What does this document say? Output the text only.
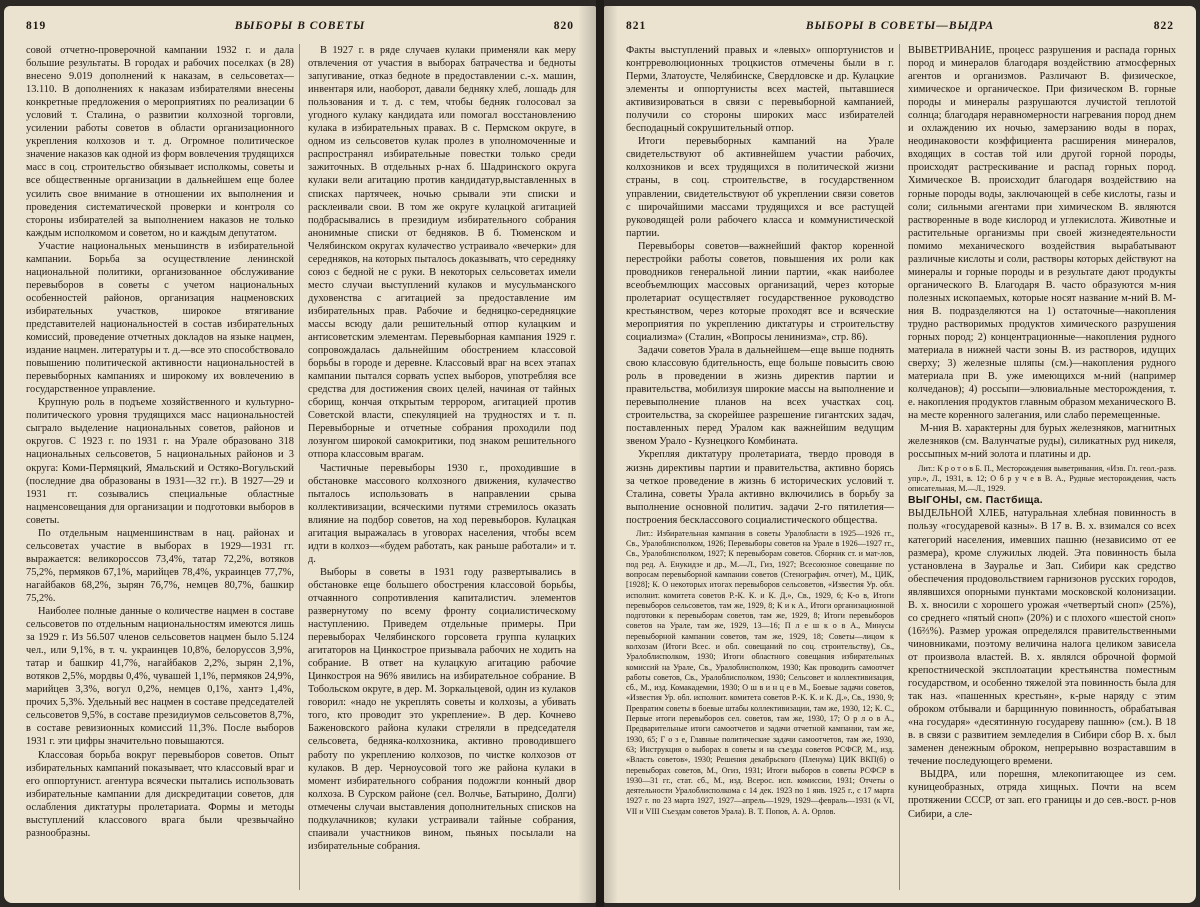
819	ВЫБОРЫ В СОВЕТЫ	820

совой отчетно-проверочной кампании 1932 г. и дала большие результаты. В городах и рабочих поселках (в 28) внесено 9.019 дополнений к наказам, в сельсоветах—13.110. В дополнениях к наказам избирателями внесены конкретные предложения о мероприятиях по реализации 6 условий т. Сталина, о развитии колхозной торговли, усилении работы советов в области организационного укрепления колхозов и т. д. Огромное политическое значение наказов как одной из форм вовлечения трудящихся масс в соц. строительство обязывает исполкомы, советы и все общественные организации в дальнейшем еще более усилить свое внимание в отношении их выполнения и проведения систематической проверки и контроля со стороны избирателей за выполнением наказов не только каждым исполкомом и советом, но и каждым депутатом.

Участие национальных меньшинств в избирательной кампании. Борьба за осуществление ленинской национальной политики, организованное обслуживание перевыборов в советы с учетом национальных особенностей районов, организация нацменовских избирательных участков, широкое втягивание представителей национальностей в состав избирательных комиссий, проведение отчетных докладов на языке нацмен, издание нацмен. литературы и т. д.—все это способствовало повышению политической активности национальностей в перевыборных кампаниях и широкому их вовлечению в государственное управление.

Крупную роль в подъеме хозяйственного и культурно-политического уровня трудящихся масс национальностей сыграло выделение национальных советов, районов и округов. С 1923 г. по 1931 г. на Урале образовано 318 национальных сельсоветов, 5 национальных районов и 3 округа: Коми-Пермяцкий, Ямальский и Остяко-Вогульский (последние два образованы в 1931—32 гг.). В 1927—29 и 1931 гг. созывались специальные областные нацменсовещания для организации и подготовки выборов в советы.

По отдельным нацменшинствам в нац. районах и сельсоветах участие в выборах в 1929—1931 гг. выражается: великороссов 73,4%, татар 72,2%, вотяков 75,2%, пермяков 67,1%, марийцев 78,4%, украинцев 77,7%, нагайбаков 68,2%, зырян 76,7%, немцев 80,7%, башкир 75,2%.

Наиболее полные данные о количестве нацмен в составе сельсоветов по отдельным национальностям имеются лишь за 1929 г. Из 56.507 членов сельсоветов нацмен было 5.124 чел., или 9,1%, в т. ч. украинцев 10,8%, белоруссов 3,9%, татар и башкир 41,7%, нагайбаков 2,2%, зырян 2,1%, вотяков 2,5%, мордвы 0,4%, чувашей 1,1%, пермяков 24,9%, марийцев 3,3%, вогул 0,2%, немцев 0,1%, хантэ 1,4%, прочих 5,3%. Удельный вес нацмен в составе председателей сельсоветов 9,5%, в составе президиумов сельсоветов 8,7%, в составе ревизионных комиссий 11,3%. После выборов 1931 г. эти цифры значительно повышаются.

Классовая борьба вокруг перевыборов советов. Опыт избирательных кампаний показывает, что классовый враг и его оппортунист. агентура всячески пытались использовать избирательные кампании для дискредитации советов, для ослабления диктатуры пролетариата. Формы и методы выступлений классового врага были чрезвычайно разнообразны.

В 1927 г. в ряде случаев кулаки применяли как меру отвлечения от участия в выборах батрачества и бедноты запугивание, отказ беднote в предоставлении с.-х. машин, инвентаря или, наоборот, давали бедняку хлеб, лошадь для пользования и т. д. с тем, чтобы бедняк голосовал за угодного кулаку кандидата или помогал восстановлению кулака в избирательных правах. В с. Пермском округе, в одном из сельсоветов кулак пролез в уполномоченные и распространял избирательные повестки только среди зажиточных. В отдельных р-нах б. Шадринского округа кулаки вели агитацию против кандидатур,выставленных в списках партячеек, ночью срывали эти списки и расклеивали свои. В том же округе кулацкой агитацией подбрасывались в президиум избирательного собрания анонимные списки от бедняков. В б. Тюменском и Челябинском округах кулачество устраивало «вечерки» для середняков, на которых пыталось доказывать, что середняку союз с бедной не с руки. В некоторых сельсоветах имели место случаи выступлений кулаков и мусульманского духовенства с агитацией за предоставление им избирательных прав. Рабочие и бедняцко-середняцкие массы всюду дали решительный отпор кулацким и антисоветским элементам. Перевыборная кампания 1929 г. сопровождалась дальнейшим обострением классовой борьбы в городе и деревне. Классовый враг на всех этапах кампании пытался сорвать успех выборов, употребляя все средства для достижения своих целей, начиная от тайных сборищ, кончая открытым террором, агитацией против Советской власти, спекуляцией на трудностях и т. п. Перевыборные и отчетные собрания проходили под лозунгом широкой самокритики, под знаком решительного отпора классовым врагам.

Частичные перевыборы 1930 г., проходившие в обстановке массового колхозного движения, кулачество пыталось использовать в направлении срыва коллективизации, всяческими путями стремилось оказать влияние на подбор советов, на ход перевыборов. Кулацкая агитация выражалась в уговорах населения, чтобы всем идти в колхоз—«будем работать, как раньше работали» и т. д.

Выборы в советы в 1931 году развертывались в обстановке еще большего обострения классовой борьбы, отчаянного сопротивления капиталистич. элементов развернутому по всему фронту социалистическому наступлению. Приведем отдельные примеры. При перевыборах Челябинского горсовета группа кулацких агитаторов на Цинкострое призывала рабочих не ходить на собрание. В ответ на кулацкую агитацию рабочие Цинкостроя на 96% явились на избирательное собрание. В Тобольском округе, в дер. М. Зоркальцевой, один из кулаков говорил: «надо не укреплять советы и колхозы, а убивать того, кто проводит это укрепление». В дер. Кочнево Баженовского района кулаки стреляли в председателя сельсовета, бедняка-колхозника, активно проводившего работу по укреплению колхозов, по чистке колхозов от кулаков. В дер. Черноусовой того же района кулаки в момент избирательного собрания подожгли конный двор колхоза. В Сурском районе (сел. Волчье, Батырино, Долги) отмечены случаи выставления дополнительных списков на подкулачников; кулаки устраивали тайные собрания, спаивали участников вином, пьяных посылали на избирательные собрания.

821	ВЫБОРЫ В СОВЕТЫ—ВЫДРА	822

Факты выступлений правых и «левых» оппортунистов и контрреволюционных троцкистов отмечены были в г. Перми, Златоусте, Челябинске, Свердловске и др. Кулацкие элементы и оппортунисты всех мастей, пытавшиеся активизироваться в связи с перевыборной кампанией, получили со стороны широких масс избирателей бесподацный сокрушительный отпор.

Итоги перевыборных кампаний на Урале свидетельствуют об активнейшем участии рабочих, колхозников и всех трудящихся в политической жизни страны, в соц. строительстве, в государственном управлении, свидетельствуют об укреплении связи советов с широчайшими массами трудящихся и все растущей руководящей роли рабочего класса и коммунистической партии.

Перевыборы советов—важнейший фактор коренной перестройки работы советов, повышения их роли как проводников генеральной линии партии, «как наиболее всеобъемлющих массовых организаций, через которые пролетариат осуществляет государственное руководство крестьянством, через которые проходят все и всяческие мероприятия по укреплению диктатуры и строительству социализма» (Сталин, «Вопросы ленинизма», стр. 86).

Задачи советов Урала в дальнейшем—еще выше поднять свою классовую бдительность, еще больше повысить свою роль в проведении в жизнь директив партии и правительства, мобилизуя широкие массы на выполнение и перевыполнение планов на всех участках соц. строительства, за скорейшее разрешение гигантских задач, поставленных перед Уралом как важнейшим ведущим звеном Урало - Кузнецкого Комбината.

Укрепляя диктатуру пролетариата, твердо проводя в жизнь директивы партии и правительства, активно борясь за четкое проведение в жизнь 6 исторических условий т. Сталина, советы Урала активно включились в борьбу за выполнение основной политич. задачи 2-го пятилетия—построения бесклассового социалистического общества.

Лит.: Избирательная кампания в советы Уралобласти в 1925—1926 гг., Св., Уралоблисполком, 1926; Перевыборы советов на Урале в 1926—1927 гг., Св., Уралоблисполком, 1927; К перевыборам советов. Сборник ст. и мат-лов, под ред. А. Енукидзе и др., М.—Л., Гиз, 1927; Всесоюзное совещание по вопросам перевыборной кампании советов (Стенографич. отчет), М., ЦИК, [1928]; К. О некоторых итогах перевыборов сельсоветов, «Известия Ур. обл. исполнит. комитета советов Р.-К. К. и К. Д.», Св., 1929, 6; К-о в, Итоги перевыборов сельсоветов, там же, 1929, 8; К и к А., Итоги организационной подготовки к перевыборам советов, там же, 1929, 8; Итоги перевыборов советов на Урале, там же, 1929, 13—16; П л е ш к о в А., Минусы перевыборной кампании советов, там же, 1929, 18; Советы—лицом к колхозам (Итоги Всес. и обл. совещаний по соц. строительству), Св., Уралоблисполком, 1930; Итоги областного совещания избирательных комиссий на Урале, Св., Уралоблисполком, 1930; Как проводить самоотчет работы советов, Св., Уралоблисполком, 1930; Сельсовет и коллективизация, сб., М., изд. Комакадемии, 1930; О ш в и н ц е в М., Боевые задачи советов, «Известия Ур. обл. исполнит. комитета советов Р.-К. К. и К. Д.», Св., 1930, 9; Превратим советы в боевые штабы коллективизации, там же, 1930, 12; К. С., Первые итоги перевыборов сел. советов, там же, 1930, 17; О р л о в А., Предварительные итоги самоотчетов и задачи отчетной кампании, там же, 1930, 65; Г о з е, Главные политические задачи самоотчетов, там же, 1930, 63; Инструкция о выборах в советы и на съезды советов РСФСР, М., изд. «Власть советов», 1930; Решения декабрьского (Пленума) ЦИК ВКП(б) о перевыборах советов, М., Огиз, 1931; Итоги выборов в советы РСФСР в 1930—31 гг., стат. сб., М., изд. Всерос. исп. комиссии, 1931; Отчеты о деятельности Уралоблисполкома с 14 дек. 1923 по 1 янв. 1925 г., с 17 марта 1927 г. по 23 марта 1927, 1927—апрель—1929, 1929—февраль—1931 (к VI, VII и VIII Съездам советов Урала). В. Т. Попов, А. А. Орлов.

ВЫВЕТРИВАНИЕ, процесс разрушения и распада горных пород и минералов благодаря воздействию атмосферных агентов и организмов. Различают В. физическое, химическое и органическое. При физическом В. горные породы и минералы разрушаются лучистой теплотой солнца; благодаря неравномерности нагревания пород днем и охлаждению их ночью, замерзанию воды в порах, неодинаковости коэффициента расширения минералов, входящих в состав той или другой горной породы, происходят растрескивание и распад горных пород. Химическое В. происходит благодаря воздействию на горные породы воды, заключающей в себе кислоты, газы и соли; сильными агентами при химическом В. являются растворенные в воде кислород и углекислота. Животные и растительные организмы при своей жизнедеятельности помимо механического воздействия вырабатывают различные кислоты и соли, растворы которых действуют на минералы и горные породы и в результате дают продукты органического В. Благодаря В. часто образуются м-ния полезных ископаемых, которые носят название м-ний В. М-ния В. подразделяются на 1) остаточные—накопления трудно растворимых продуктов химического разрушения горных пород; 2) концентрационные—накопления рудного материала в нижней части зоны В. из растворов, идущих сверху; 3) железные шляпы (см.)—накопления рудного материала при В. уже имеющихся м-ний (например колчеданов); 4) россыпи—элювиальные месторождения, т. е. накопления продуктов главным образом механического В. на месте коренного залегания, или слабо перемещенные.

М-ния В. характерны для бурых железняков, магнитных железняков (см. Валунчатые руды), силикатных руд никеля, россыпных м-ний золота и платины и др.

Лит.: К р о т о в Б. П., Месторождения выветривания, «Изв. Гл. геол.-разв. упр.», Л., 1931, в. 12; О б р у ч е в В. А., Рудные месторождения, часть описательная, М.—Л., 1929.

ВЫГОНЫ, см. Пастбища.

ВЫДЕЛЬНОЙ ХЛЕБ, натуральная хлебная повинность в пользу «государевой казны». В 17 в. В. х. взимался со всех категорий населения, имевших пашню (независимо от ее размера), кроме служилых людей. Эта повинность была установлена в Зауралье и Зап. Сибири как средство обеспечения продовольствием гарнизонов русских городов, являвшихся опорными пунктами московской колонизации. В. х. вносили с хорошего урожая «четвертый сноп» (25%), со среднего «пятый сноп» (20%) и с плохого «шестой сноп» (16⅔%). Размер урожая определялся правительственными чиновниками, поэтому величина налога целиком зависела от произвола властей. В. х. являлся оброчной формой крепостнической эксплоатации крестьянства поместным государством, и особенно тяжелой эта повинность была для так наз. «пашенных крестьян», к-рые наряду с этим оброком отбывали и барщинную повинность, обрабатывая «на государя» «десятинную государеву пашню» (см.). В 18 в. в связи с развитием земледелия в Сибири сбор В. х. был заменен денежным оброком, непрерывно возраставшим в течение последующего времени.

ВЫДРА, или порешня, млекопитающее из сем. куницеобразных, отряда хищных. Почти на всем протяжении СССР, от зап. его границы и до сев.-вост. р-нов Сибири, а сле-
